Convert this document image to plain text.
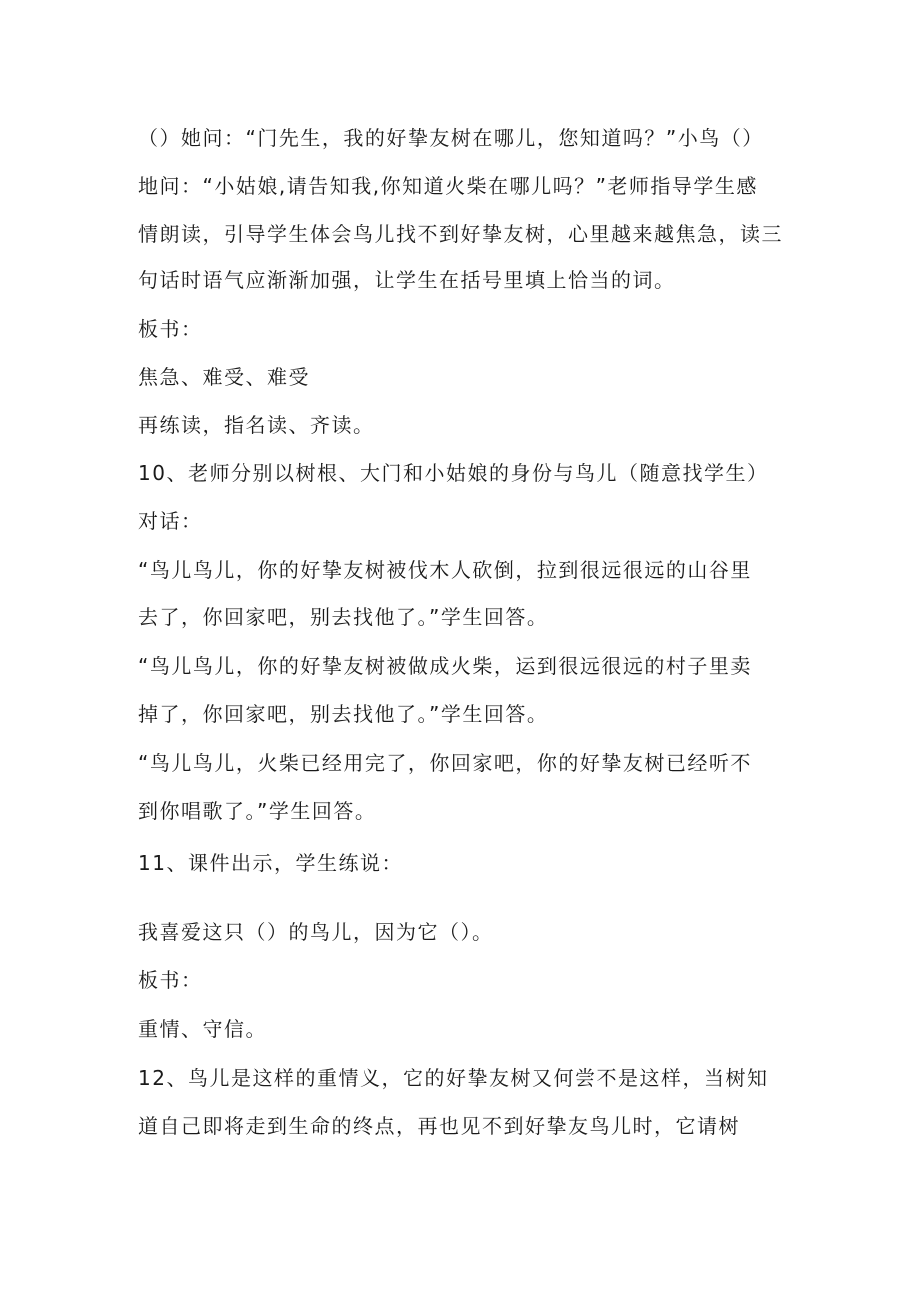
（）她问：“门先生，我的好挚友树在哪儿，您知道吗？”小鸟（）
地问：“小姑娘,请告知我,你知道火柴在哪儿吗？”老师指导学生感
情朗读，引导学生体会鸟儿找不到好挚友树，心里越来越焦急，读三
句话时语气应渐渐加强，让学生在括号里填上恰当的词。
板书：
焦急、难受、难受
再练读，指名读、齐读。
10、老师分别以树根、大门和小姑娘的身份与鸟儿（随意找学生）
对话：
“鸟儿鸟儿，你的好挚友树被伐木人砍倒，拉到很远很远的山谷里
去了，你回家吧，别去找他了。”学生回答。
“鸟儿鸟儿，你的好挚友树被做成火柴，运到很远很远的村子里卖
掉了，你回家吧，别去找他了。”学生回答。
“鸟儿鸟儿，火柴已经用完了，你回家吧，你的好挚友树已经听不
到你唱歌了。”学生回答。
11、课件出示，学生练说：
我喜爱这只（）的鸟儿，因为它（）。
板书：
重情、守信。
12、鸟儿是这样的重情义，它的好挚友树又何尝不是这样，当树知
道自己即将走到生命的终点，再也见不到好挚友鸟儿时，它请树
